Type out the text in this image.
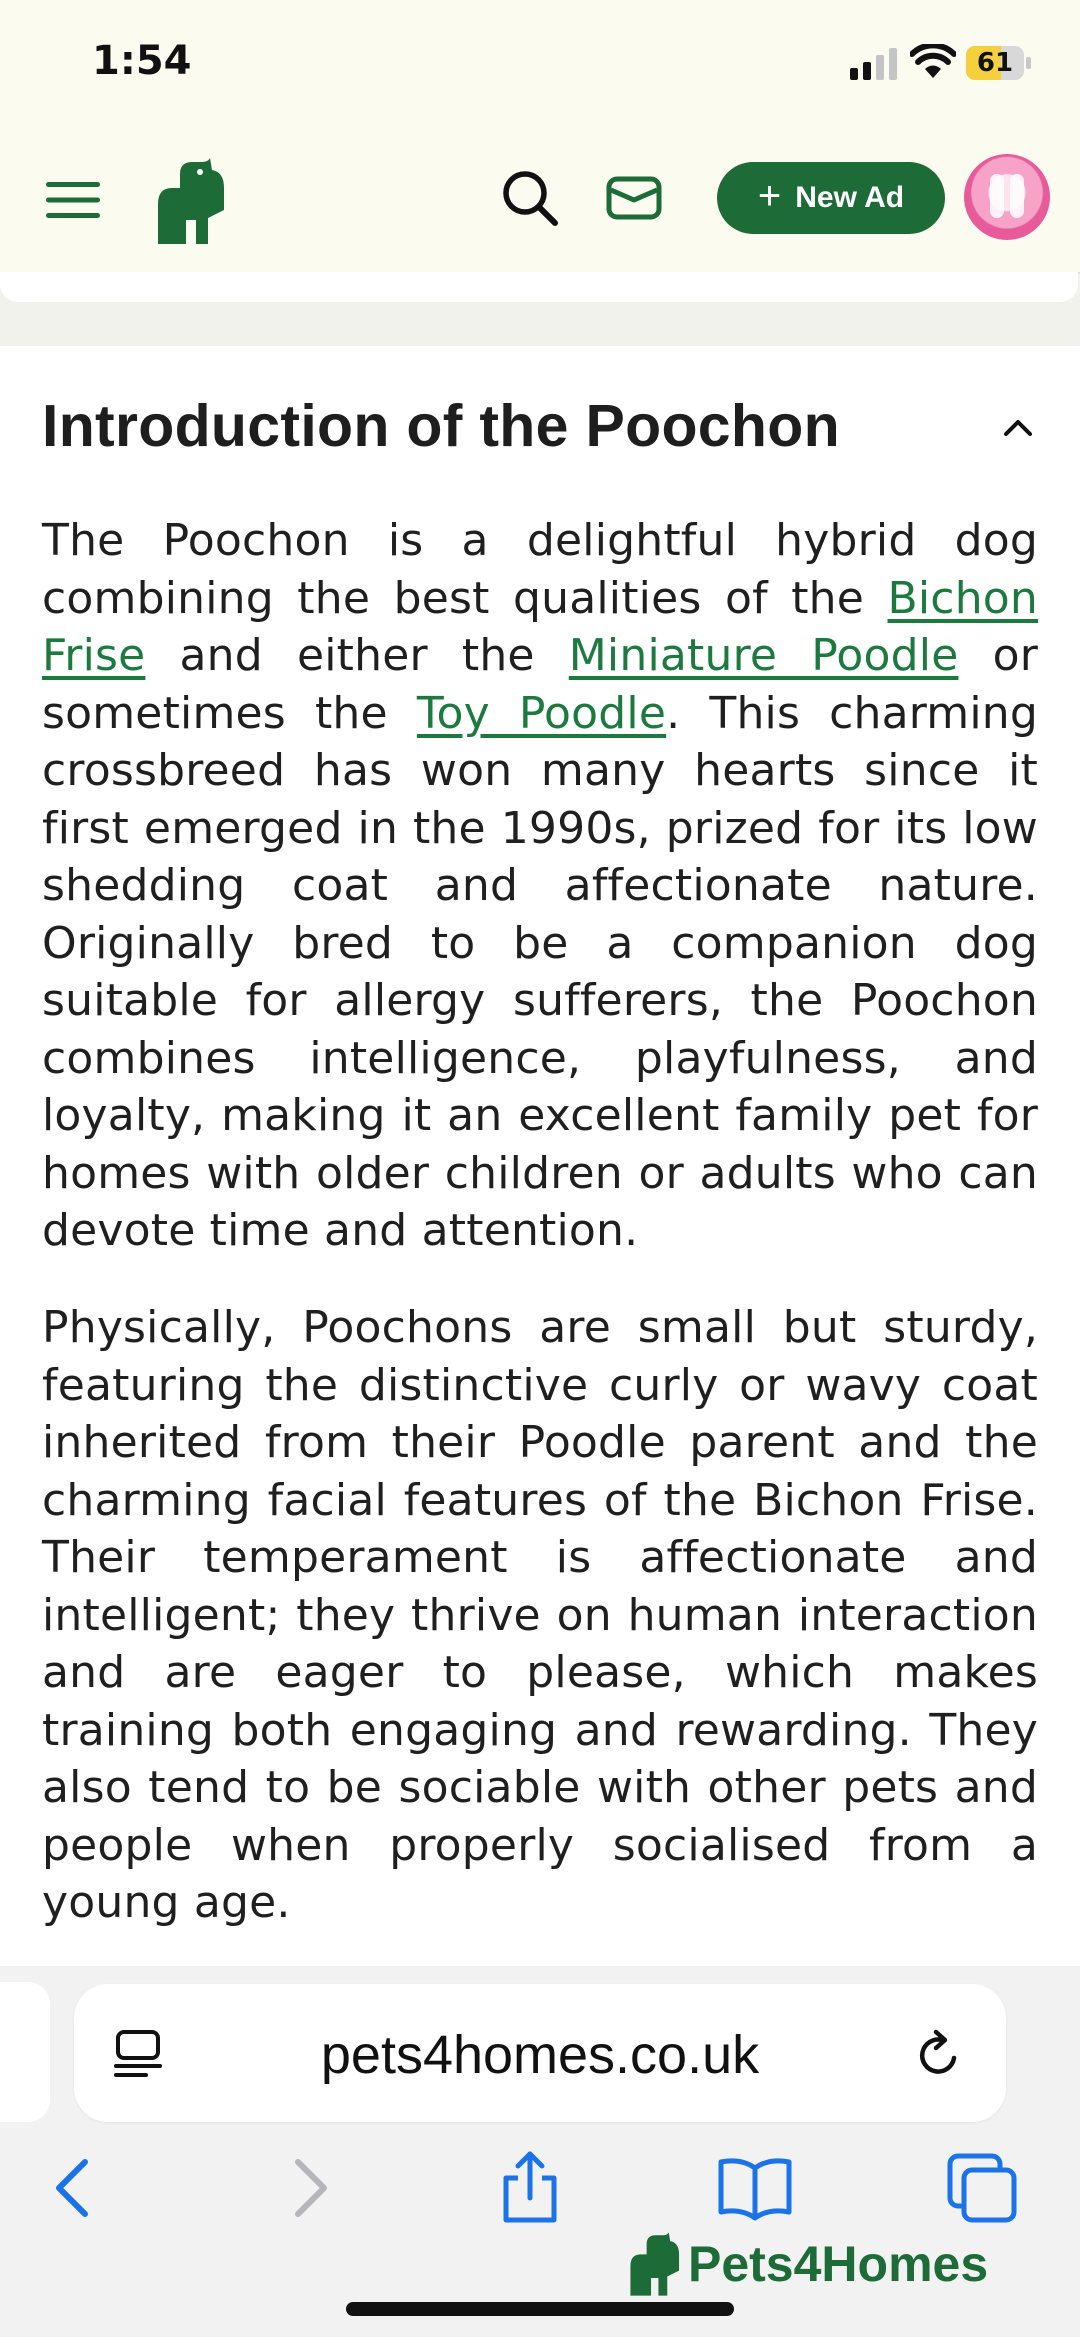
1:54	61
+ New Ad
Introduction of the Poochon

The Poochon is a delightful hybrid dog combining the best qualities of the Bichon Frise and either the Miniature Poodle or sometimes the Toy Poodle. This charming crossbreed has won many hearts since it first emerged in the 1990s, prized for its low shedding coat and affectionate nature. Originally bred to be a companion dog suitable for allergy sufferers, the Poochon combines intelligence, playfulness, and loyalty, making it an excellent family pet for homes with older children or adults who can devote time and attention.

Physically, Poochons are small but sturdy, featuring the distinctive curly or wavy coat inherited from their Poodle parent and the charming facial features of the Bichon Frise. Their temperament is affectionate and intelligent; they thrive on human interaction and are eager to please, which makes training both engaging and rewarding. They also tend to be sociable with other pets and people when properly socialised from a young age.

pets4homes.co.uk
Pets4Homes
